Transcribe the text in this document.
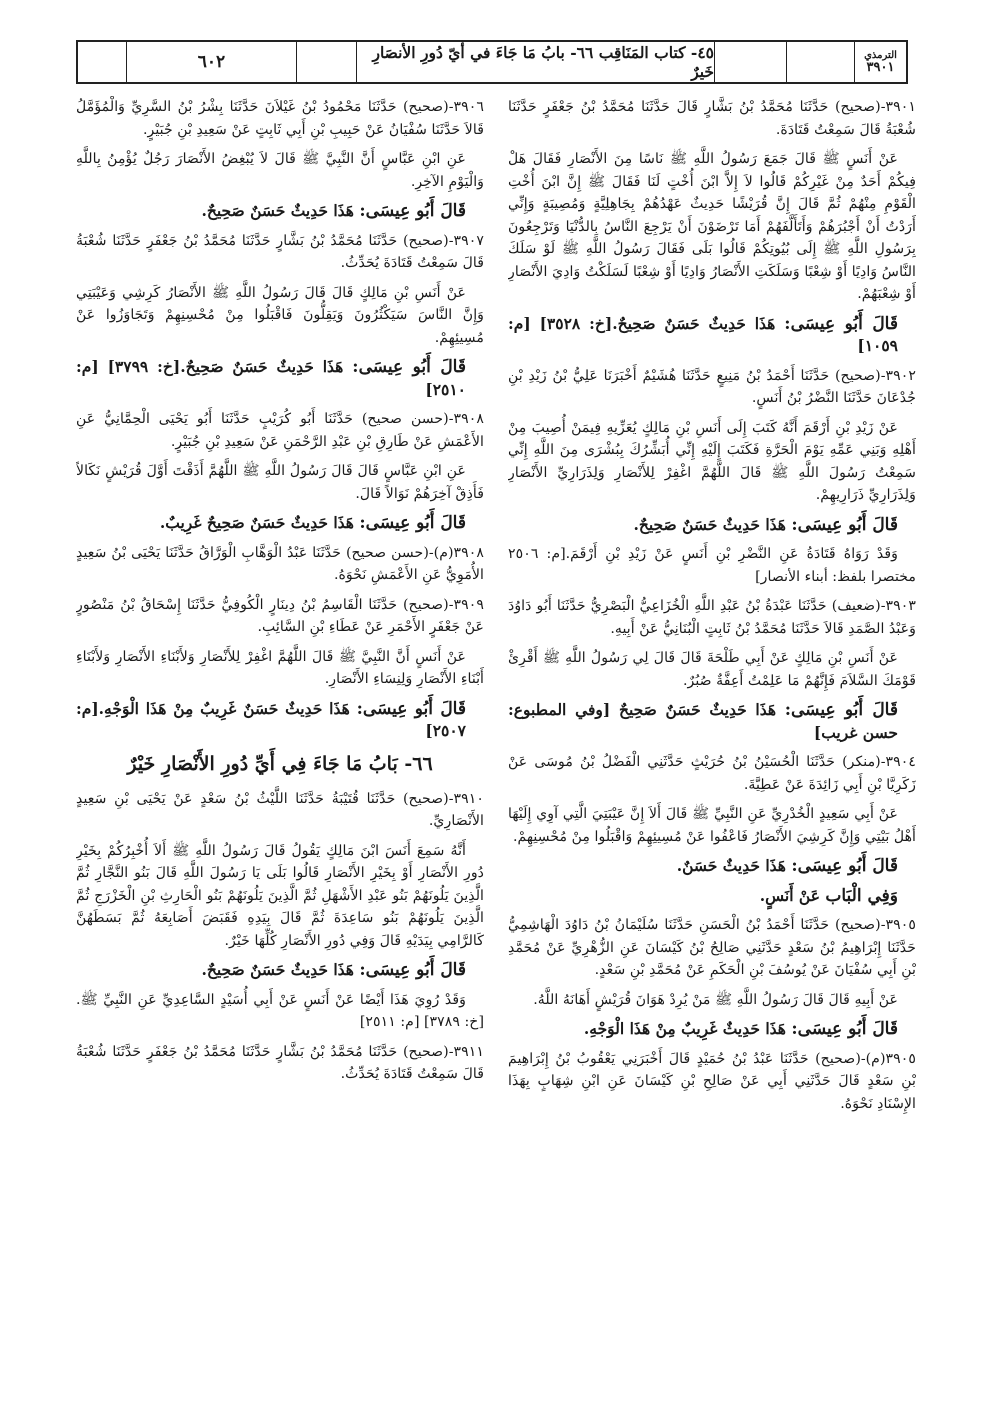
الترمذي
٣٩٠١
٤٥- كتاب المَنَاقِب ٦٦- بابُ مَا جَاءَ في أيّ دُورِ الأنصَارِ خَيرٌ
٦٠٢

٣٩٠١-(صحيح) حَدَّثَنَا مُحَمَّدُ بْنُ بَشَّارٍ قَالَ حَدَّثَنَا مُحَمَّدُ بْنُ جَعْفَرٍ حَدَّثَنَا شُعْبَةُ قَالَ سَمِعْتُ قَتَادَةَ.

عَنْ أَنَسٍ ﷺ قَالَ جَمَعَ رَسُولُ اللَّهِ ﷺ نَاسًا مِنَ الأَنْصَارِ فَقَالَ هَلْ فِيكُمْ أَحَدٌ مِنْ غَيْرِكُمْ قَالُوا لاَ إِلاَّ ابْنَ أُخْتٍ لَنَا فَقَالَ ﷺ إِنَّ ابْنَ أُخْتِ الْقَوْمِ مِنْهُمْ ثُمَّ قَالَ إِنَّ قُرَيْشًا حَدِيثٌ عَهْدُهُمْ بِجَاهِلِيَّةٍ وَمُصِيبَةٍ وَإِنِّي أَرَدْتُ أَنْ أَجْبُرَهُمْ وَأَتَأَلَّفَهُمْ أَمَا تَرْضَوْنَ أَنْ يَرْجِعَ النَّاسُ بِالدُّنْيَا وَتَرْجِعُونَ بِرَسُولِ اللَّهِ ﷺ إِلَى بُيُوتِكُمْ قَالُوا بَلَى فَقَالَ رَسُولُ اللَّهِ ﷺ لَوْ سَلَكَ النَّاسُ وَادِيًا أَوْ شِعْبًا وَسَلَكَتِ الأَنْصَارُ وَادِيًا أَوْ شِعْبًا لَسَلَكْتُ وَادِيَ الأَنْصَارِ أَوْ شِعْبَهُمْ.

قَالَ أَبُو عِيسَى: هَذَا حَدِيثٌ حَسَنٌ صَحِيحٌ.[خ: ٣٥٢٨] [م: ١٠٥٩]

٣٩٠٢-(صحيح) حَدَّثَنَا أَحْمَدُ بْنُ مَنِيعٍ حَدَّثَنَا هُشَيْمٌ أَخْبَرَنَا عَلِيُّ بْنُ زَيْدِ بْنِ جُدْعَانَ حَدَّثَنَا النَّضْرُ بْنُ أَنَسٍ.

عَنْ زَيْدِ بْنِ أَرْقَمَ أَنَّهُ كَتَبَ إِلَى أَنَسِ بْنِ مَالِكٍ يُعَزِّيهِ فِيمَنْ أُصِيبَ مِنْ أَهْلِهِ وَبَنِي عَمِّهِ يَوْمَ الْحَرَّةِ فَكَتَبَ إِلَيْهِ إِنِّي أُبَشِّرُكَ بِبُشْرَى مِنَ اللَّهِ إِنِّي سَمِعْتُ رَسُولَ اللَّهِ ﷺ قَالَ اللَّهُمَّ اغْفِرْ لِلأَنْصَارِ وَلِذَرَارِيِّ الأَنْصَارِ وَلِذَرَارِيِّ ذَرَارِيهِمْ.

قَالَ أَبُو عِيسَى: هَذَا حَدِيثٌ حَسَنٌ صَحِيحٌ.

وَقَدْ رَوَاهُ قَتَادَةُ عَنِ النَّضْرِ بْنِ أَنَسٍ عَنْ زَيْدِ بْنِ أَرْقَمَ.[م: ٢٥٠٦ مختصرا بلفظ: أبناء الأنصار]

٣٩٠٣-(ضعيف) حَدَّثَنَا عَبْدَةُ بْنُ عَبْدِ اللَّهِ الْخُزَاعِيُّ الْبَصْرِيُّ حَدَّثَنَا أَبُو دَاوُدَ وَعَبْدُ الصَّمَدِ قَالاَ حَدَّثَنَا مُحَمَّدُ بْنُ ثَابِتٍ الْبُنَانِيُّ عَنْ أَبِيهِ.

عَنْ أَنَسِ بْنِ مَالِكٍ عَنْ أَبِي طَلْحَةَ قَالَ قَالَ لِي رَسُولُ اللَّهِ ﷺ أَقْرِئْ قَوْمَكَ السَّلاَمَ فَإِنَّهُمْ مَا عَلِمْتُ أَعِفَّةٌ صُبُرٌ.

قَالَ أَبُو عِيسَى: هَذَا حَدِيثٌ حَسَنٌ صَحِيحٌ [وفي المطبوع: حسن غريب]

٣٩٠٤-(منكر) حَدَّثَنَا الْحُسَيْنُ بْنُ حُرَيْثٍ حَدَّثَنِي الْفَضْلُ بْنُ مُوسَى عَنْ زَكَرِيَّا بْنِ أَبِي زَائِدَةَ عَنْ عَطِيَّةَ.

عَنْ أَبِي سَعِيدٍ الْخُدْرِيِّ عَنِ النَّبِيِّ ﷺ قَالَ أَلاَ إِنَّ عَيْبَتِيَ الَّتِي آوِي إِلَيْهَا أَهْلُ بَيْتِي وَإِنَّ كَرِشِيَ الأَنْصَارُ فَاعْفُوا عَنْ مُسِيئِهِمْ وَاقْبَلُوا مِنْ مُحْسِنِهِمْ.

قَالَ أَبُو عِيسَى: هَذَا حَدِيثٌ حَسَنٌ.

وَفِي الْبَاب عَنْ أَنَسٍ.

٣٩٠٥-(صحيح) حَدَّثَنَا أَحْمَدُ بْنُ الْحَسَنِ حَدَّثَنَا سُلَيْمَانُ بْنُ دَاوُدَ الْهَاشِمِيُّ حَدَّثَنَا إِبْرَاهِيمُ بْنُ سَعْدٍ حَدَّثَنِي صَالِحُ بْنُ كَيْسَانَ عَنِ الزُّهْرِيِّ عَنْ مُحَمَّدِ بْنِ أَبِي سُفْيَانَ عَنْ يُوسُفَ بْنِ الْحَكَمِ عَنْ مُحَمَّدِ بْنِ سَعْدٍ.

عَنْ أَبِيهِ قَالَ قَالَ رَسُولُ اللَّهِ ﷺ مَنْ يُرِدْ هَوَانَ قُرَيْشٍ أَهَانَهُ اللَّهُ.

قَالَ أَبُو عِيسَى: هَذَا حَدِيثٌ غَرِيبٌ مِنْ هَذَا الْوَجْهِ.

٣٩٠٥(م)-(صحيح) حَدَّثَنَا عَبْدُ بْنُ حُمَيْدٍ قَالَ أَخْبَرَنِي يَعْقُوبُ بْنُ إِبْرَاهِيمَ بْنِ سَعْدٍ قَالَ حَدَّثَنِي أَبِي عَنْ صَالِحِ بْنِ كَيْسَانَ عَنِ ابْنِ شِهَابٍ بِهَذَا الإِسْنَادِ نَحْوَهُ.

٣٩٠٦-(صحيح) حَدَّثَنَا مَحْمُودُ بْنُ غَيْلاَنَ حَدَّثَنَا بِشْرُ بْنُ السَّرِيِّ وَالْمُؤَمَّلُ قَالاَ حَدَّثَنَا سُفْيَانُ عَنْ حَبِيبِ بْنِ أَبِي ثَابِتٍ عَنْ سَعِيدِ بْنِ جُبَيْرٍ.

عَنِ ابْنِ عَبَّاسٍ أَنَّ النَّبِيَّ ﷺ قَالَ لاَ يُبْغِضُ الأَنْصَارَ رَجُلٌ يُؤْمِنُ بِاللَّهِ وَالْيَوْمِ الآخِرِ.

قَالَ أَبُو عِيسَى: هَذَا حَدِيثٌ حَسَنٌ صَحِيحٌ.

٣٩٠٧-(صحيح) حَدَّثَنَا مُحَمَّدُ بْنُ بَشَّارٍ حَدَّثَنَا مُحَمَّدُ بْنُ جَعْفَرٍ حَدَّثَنَا شُعْبَةُ قَالَ سَمِعْتُ قَتَادَةَ يُحَدِّثُ.

عَنْ أَنَسِ بْنِ مَالِكٍ قَالَ قَالَ رَسُولُ اللَّهِ ﷺ الأَنْصَارُ كَرِشِي وَعَيْبَتِي وَإِنَّ النَّاسَ سَيَكْثُرُونَ وَيَقِلُّونَ فَاقْبَلُوا مِنْ مُحْسِنِهِمْ وَتَجَاوَزُوا عَنْ مُسِيئِهِمْ.

قَالَ أَبُو عِيسَى: هَذَا حَدِيثٌ حَسَنٌ صَحِيحٌ.[خ: ٣٧٩٩] [م: ٢٥١٠]

٣٩٠٨-(حسن صحيح) حَدَّثَنَا أَبُو كُرَيْبٍ حَدَّثَنَا أَبُو يَحْيَى الْحِمَّانِيُّ عَنِ الأَعْمَشِ عَنْ طَارِقِ بْنِ عَبْدِ الرَّحْمَنِ عَنْ سَعِيدِ بْنِ جُبَيْرٍ.

عَنِ ابْنِ عَبَّاسٍ قَالَ قَالَ رَسُولُ اللَّهِ ﷺ اللَّهُمَّ أَذَقْتَ أَوَّلَ قُرَيْشٍ نَكَالاً فَأَذِقْ آخِرَهُمْ نَوَالاً قَالَ.

قَالَ أَبُو عِيسَى: هَذَا حَدِيثٌ حَسَنٌ صَحِيحٌ غَرِيبٌ.

٣٩٠٨(م)-(حسن صحيح) حَدَّثَنَا عَبْدُ الْوَهَّابِ الْوَرَّاقُ حَدَّثَنَا يَحْيَى بْنُ سَعِيدٍ الأُمَوِيُّ عَنِ الأَعْمَشِ نَحْوَهُ.

٣٩٠٩-(صحيح) حَدَّثَنَا الْقَاسِمُ بْنُ دِينَارٍ الْكُوفِيُّ حَدَّثَنَا إِسْحَاقُ بْنُ مَنْصُورٍ عَنْ جَعْفَرٍ الأَحْمَرِ عَنْ عَطَاءِ بْنِ السَّائِبِ.

عَنْ أَنَسٍ أَنَّ النَّبِيَّ ﷺ قَالَ اللَّهُمَّ اغْفِرْ لِلأَنْصَارِ وَلأَبْنَاءِ الأَنْصَارِ وَلأَبْنَاءِ أَبْنَاءِ الأَنْصَارِ وَلِنِسَاءِ الأَنْصَارِ.

قَالَ أَبُو عِيسَى: هَذَا حَدِيثٌ حَسَنٌ غَرِيبٌ مِنْ هَذَا الْوَجْهِ.[م: ٢٥٠٧]

٦٦- بَابُ مَا جَاءَ فِي أَيِّ دُورِ الأَنْصَارِ خَيْرٌ

٣٩١٠-(صحيح) حَدَّثَنَا قُتَيْبَةُ حَدَّثَنَا اللَّيْثُ بْنُ سَعْدٍ عَنْ يَحْيَى بْنِ سَعِيدٍ الأَنْصَارِيِّ.

أَنَّهُ سَمِعَ أَنَسَ ابْنَ مَالِكٍ يَقُولُ قَالَ رَسُولُ اللَّهِ ﷺ أَلاَ أُخْبِرُكُمْ بِخَيْرِ دُورِ الأَنْصَارِ أَوْ بِخَيْرِ الأَنْصَارِ قَالُوا بَلَى يَا رَسُولَ اللَّهِ قَالَ بَنُو النَّجَّارِ ثُمَّ الَّذِينَ يَلُونَهُمْ بَنُو عَبْدِ الأَشْهَلِ ثُمَّ الَّذِينَ يَلُونَهُمْ بَنُو الْحَارِثِ بْنِ الْخَزْرَجِ ثُمَّ الَّذِينَ يَلُونَهُمْ بَنُو سَاعِدَةَ ثُمَّ قَالَ بِيَدِهِ فَقَبَضَ أَصَابِعَهُ ثُمَّ بَسَطَهُنَّ كَالرَّامِي بِيَدَيْهِ قَالَ وَفِي دُورِ الأَنْصَارِ كُلِّهَا خَيْرٌ.

قَالَ أَبُو عِيسَى: هَذَا حَدِيثٌ حَسَنٌ صَحِيحٌ.

وَقَدْ رُوِيَ هَذَا أَيْضًا عَنْ أَنَسٍ عَنْ أَبِي أُسَيْدٍ السَّاعِدِيِّ عَنِ النَّبِيِّ ﷺ.[خ: ٣٧٨٩] [م: ٢٥١١]

٣٩١١-(صحيح) حَدَّثَنَا مُحَمَّدُ بْنُ بَشَّارٍ حَدَّثَنَا مُحَمَّدُ بْنُ جَعْفَرٍ حَدَّثَنَا شُعْبَةُ قَالَ سَمِعْتُ قَتَادَةَ يُحَدِّثُ.
